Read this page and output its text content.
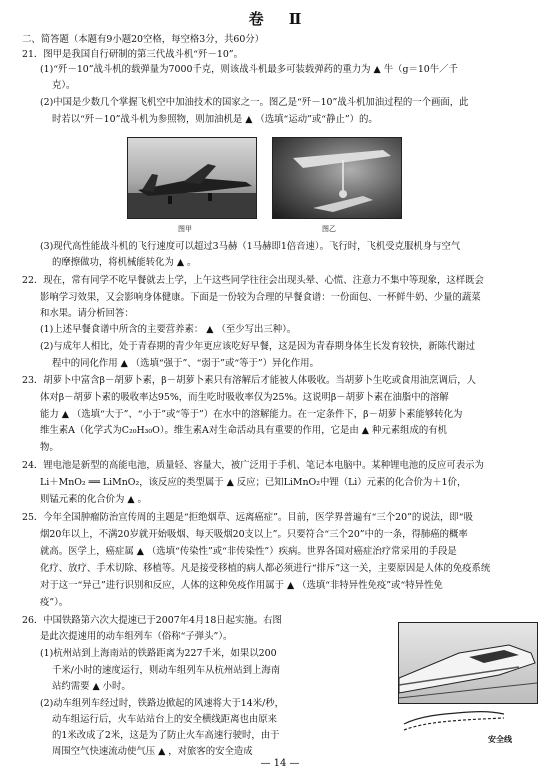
卷 Ⅱ
二、简答题（本题有9小题20空格，每空格3分，共60分）
21．图甲是我国自行研制的第三代战斗机“歼－10”。
(1)“歼－10”战斗机的载弹量为7000千克，则该战斗机最多可装载弹药的重力为 ▲ 牛（g＝10牛／千
克）。
(2)中国是少数几个掌握飞机空中加油技术的国家之一。图乙是“歼－10”战斗机加油过程的一个画面，此
时若以“歼－10”战斗机为参照物，则加油机是 ▲ （选填“运动”或“静止”）的。
图甲	图乙
(3)现代高性能战斗机的飞行速度可以超过3马赫（1马赫即1倍音速）。飞行时，飞机受克服机身与空气
的摩擦做功，将机械能转化为 ▲ 。
22．现在，常有同学不吃早餐就去上学，上午这些同学往往会出现头晕、心慌、注意力不集中等现象，这样既会
影响学习效果，又会影响身体健康。下面是一份较为合理的早餐食谱：一份面包、一杯鲜牛奶、少量的蔬菜
和水果。请分析回答：
(1)上述早餐食谱中所含的主要营养素： ▲ （至少写出三种）。
(2)与成年人相比，处于青春期的青少年更应该吃好早餐，这是因为青春期身体生长发育较快，新陈代谢过
程中的同化作用 ▲ （选填“强于”、“弱于”或“等于”）异化作用。
23．胡萝卜中富含β－胡萝卜素，β－胡萝卜素只有溶解后才能被人体吸收。当胡萝卜生吃或食用油烹调后，人
体对β－胡萝卜素的吸收率达95%，而生吃时吸收率仅为25%。这说明β－胡萝卜素在油脂中的溶解
能力 ▲ （选填“大于”、“小于”或“等于”）在水中的溶解能力。在一定条件下，β－胡萝卜素能够转化为
维生素A（化学式为C₂₀H₃₀O）。维生素A对生命活动具有重要的作用，它是由 ▲ 种元素组成的有机
物。
24．锂电池是新型的高能电池，质量轻、容量大，被广泛用于手机、笔记本电脑中。某种锂电池的反应可表示为
Li＋MnO₂ ══ LiMnO₂，该反应的类型属于 ▲ 反应；已知LiMnO₂中锂（Li）元素的化合价为＋1价，
则锰元素的化合价为 ▲ 。
25．今年全国肿瘤防治宣传周的主题是“拒绝烟草、远离癌症”。目前，医学界普遍有“三个20”的说法，即“吸
烟20年以上，不满20岁就开始吸烟、每天吸烟20支以上”。只要符合“三个20”中的一条，得肺癌的概率
就高。医学上，癌症属 ▲ （选填“传染性”或“非传染性”）疾病。世界各国对癌症治疗常采用的手段是
化疗、放疗、手术切除、移植等。凡是接受移植的病人都必须进行“排斥”这一关，主要原因是人体的免疫系统
对于这一“异己”进行识别和反应，人体的这种免疫作用属于 ▲ （选填“非特异性免疫”或“特异性免
疫”）。
26．中国铁路第六次大提速已于2007年4月18日起实施。右图
是此次提速用的动车组列车（俗称“子弹头”）。
(1)杭州站到上海南站的铁路距离为227千米，如果以200
千米/小时的速度运行，则动车组列车从杭州站到上海南
站约需要 ▲ 小时。
(2)动车组列车经过时，铁路边掀起的风速将大于14米/秒，
动车组运行后，火车站站台上的安全横线距离也由原来
的1米改成了2米，这是为了防止火车高速行驶时，由于
周围空气快速流动使气压 ▲ ，对旅客的安全造成
安全线
— 14 —
